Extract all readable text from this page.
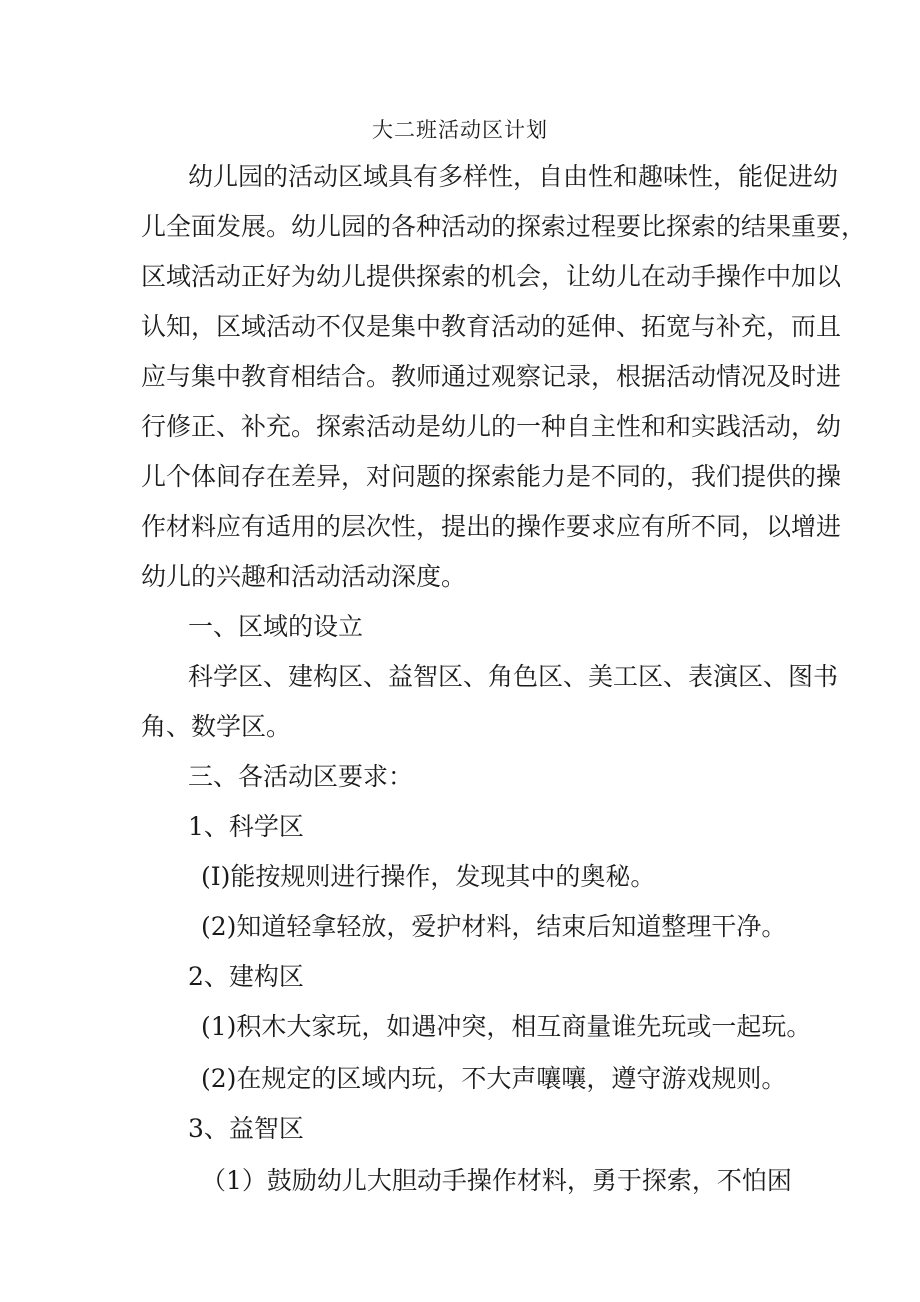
大二班活动区计划
幼儿园的活动区域具有多样性，自由性和趣味性，能促进幼
儿全面发展。幼儿园的各种活动的探索过程要比探索的结果重要，
区域活动正好为幼儿提供探索的机会，让幼儿在动手操作中加以
认知，区域活动不仅是集中教育活动的延伸、拓宽与补充，而且
应与集中教育相结合。教师通过观察记录，根据活动情况及时进
行修正、补充。探索活动是幼儿的一种自主性和和实践活动，幼
儿个体间存在差异，对问题的探索能力是不同的，我们提供的操
作材料应有适用的层次性，提出的操作要求应有所不同，以增进
幼儿的兴趣和活动活动深度。
一、区域的设立
科学区、建构区、益智区、角色区、美工区、表演区、图书
角、数学区。
三、各活动区要求：
1、科学区
(I)能按规则进行操作，发现其中的奥秘。
(2)知道轻拿轻放，爱护材料，结束后知道整理干净。
2、建构区
(1)积木大家玩，如遇冲突，相互商量谁先玩或一起玩。
(2)在规定的区域内玩，不大声嚷嚷，遵守游戏规则。
3、益智区
（1）鼓励幼儿大胆动手操作材料，勇于探索，不怕困
